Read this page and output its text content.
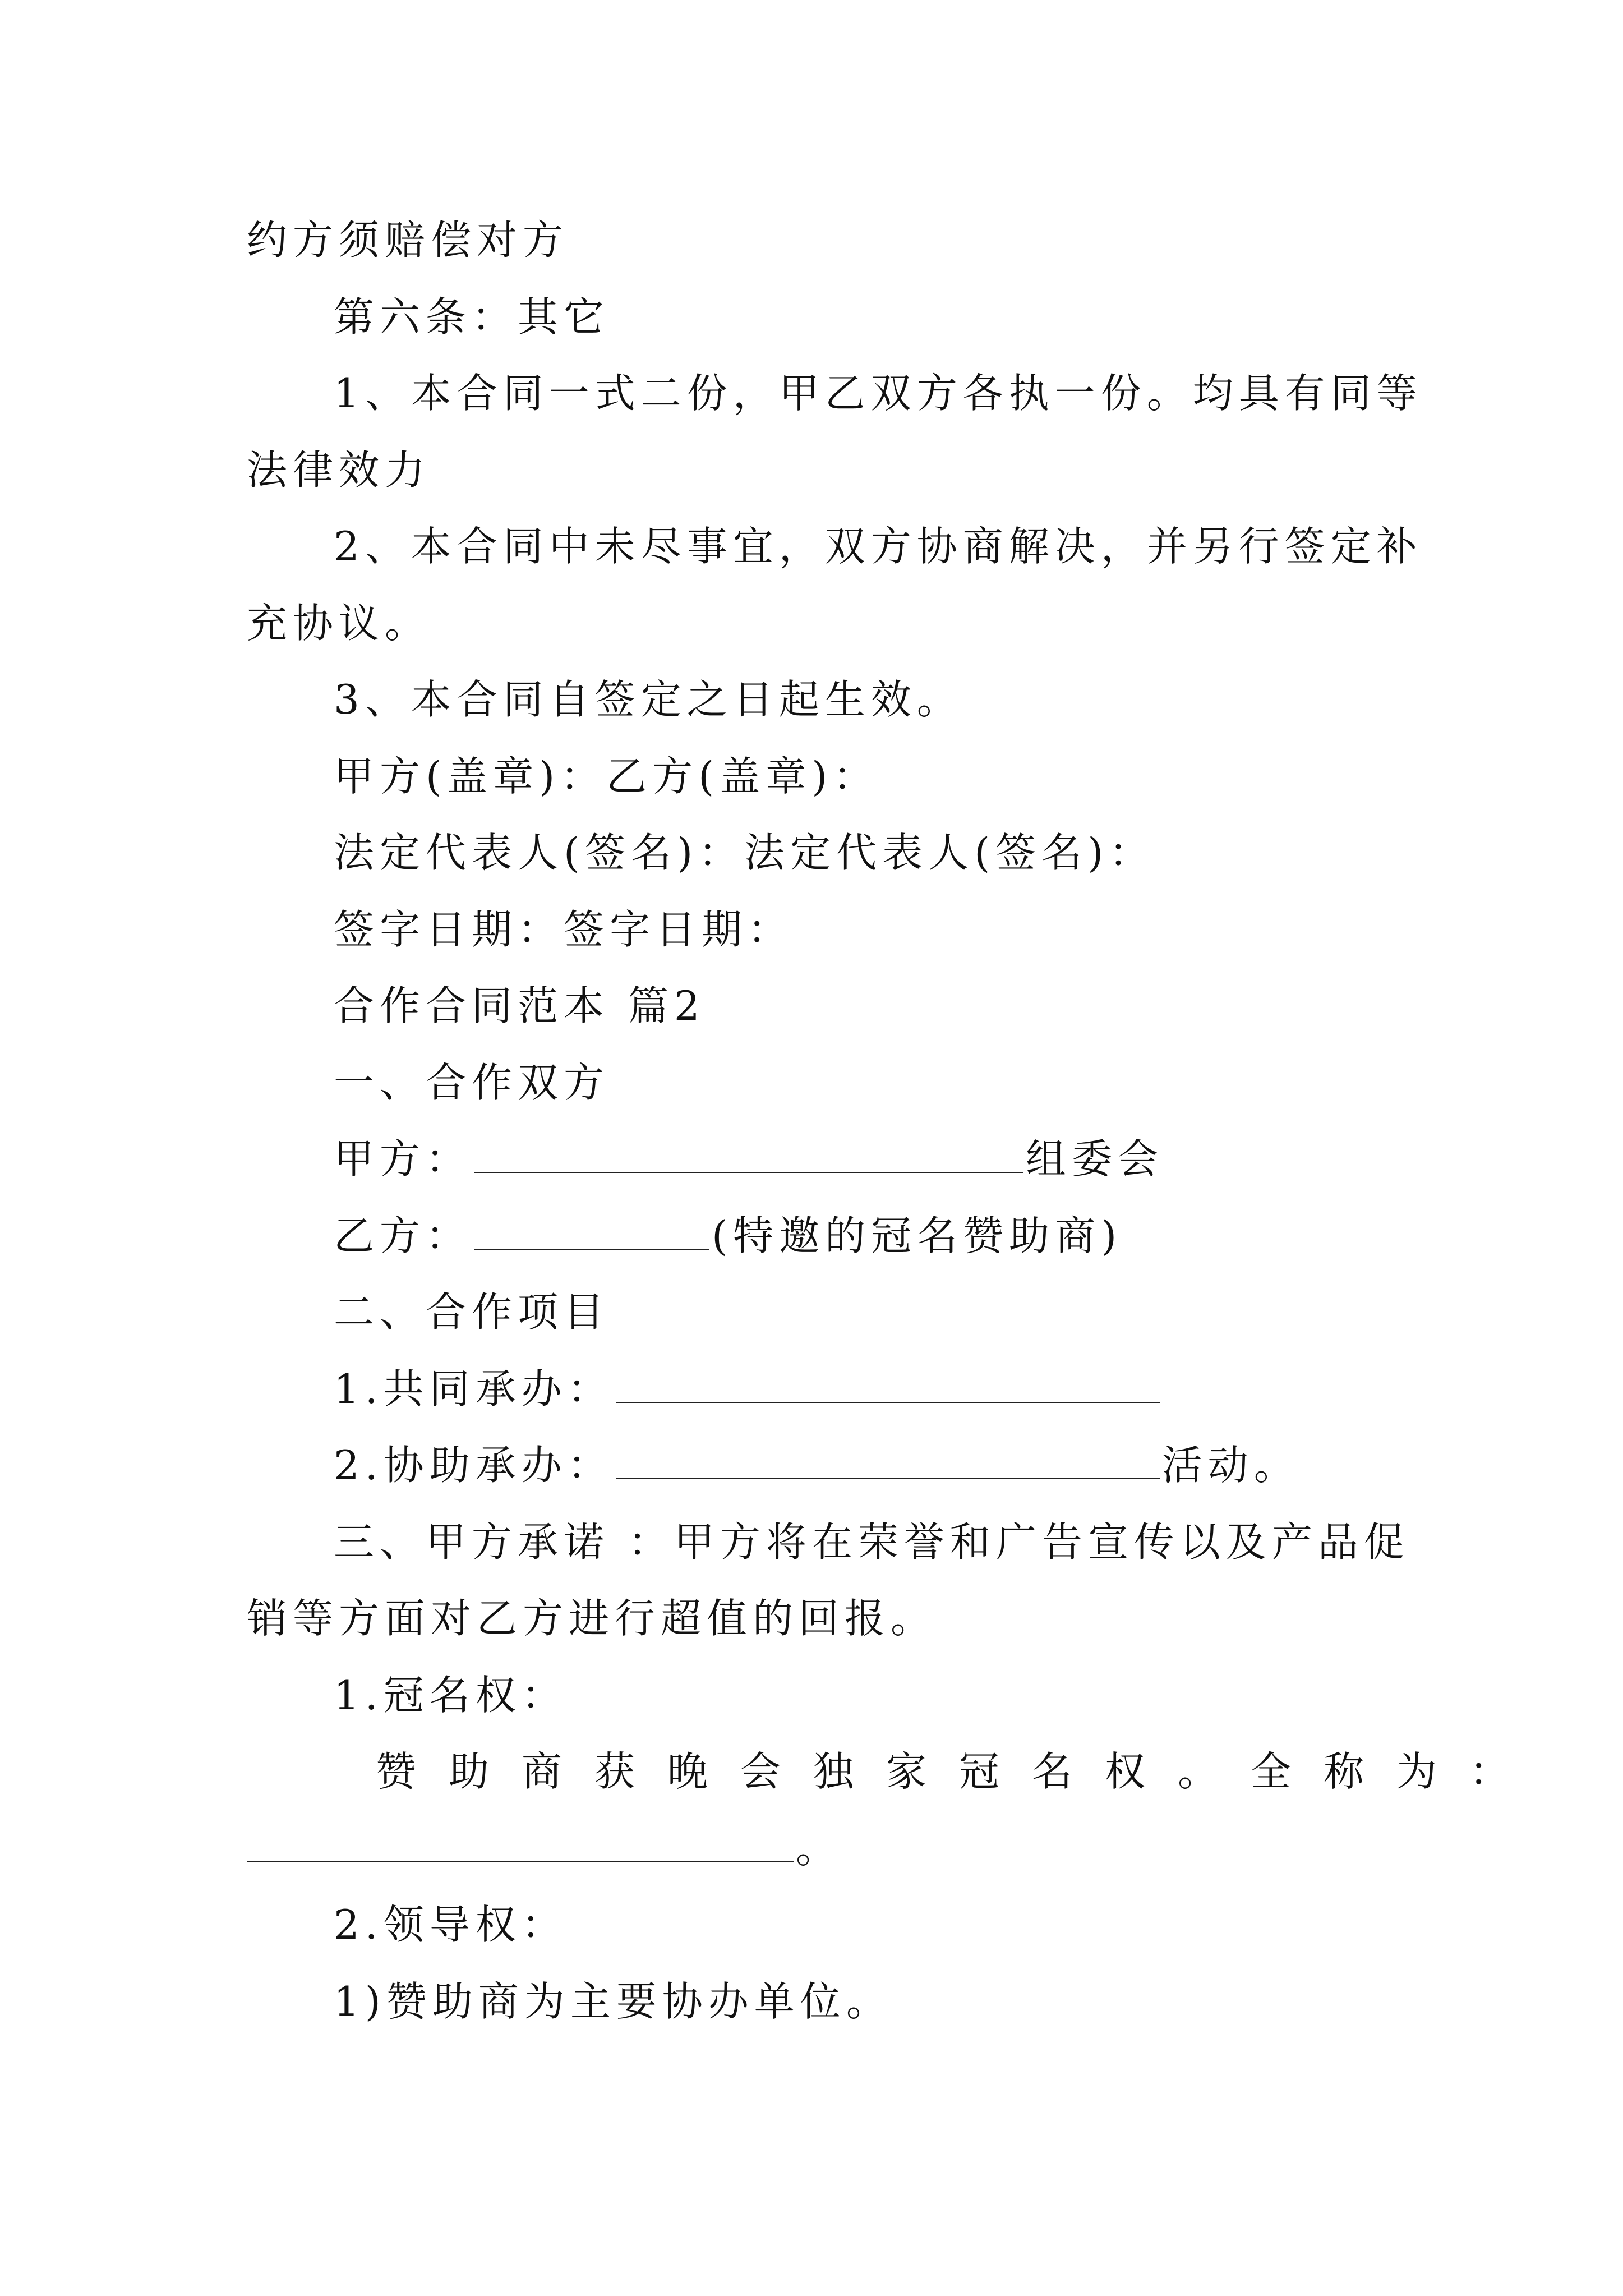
约方须赔偿对方
第六条：其它
1、本合同一式二份，甲乙双方各执一份。均具有同等
法律效力
2、本合同中未尽事宜，双方协商解决，并另行签定补
充协议。
3、本合同自签定之日起生效。
甲方(盖章)：乙方(盖章)：
法定代表人(签名)：法定代表人(签名)：
签字日期：签字日期：
合作合同范本 篇2
一、合作双方
甲方：	组委会
乙方：	(特邀的冠名赞助商)
二、合作项目
1.共同承办：
2.协助承办：	活动。
三、甲方承诺 ：甲方将在荣誉和广告宣传以及产品促
销等方面对乙方进行超值的回报。
1.冠名权：
赞助商获晚会独家冠名权。全称为：
。
2.领导权：
1)赞助商为主要协办单位。
